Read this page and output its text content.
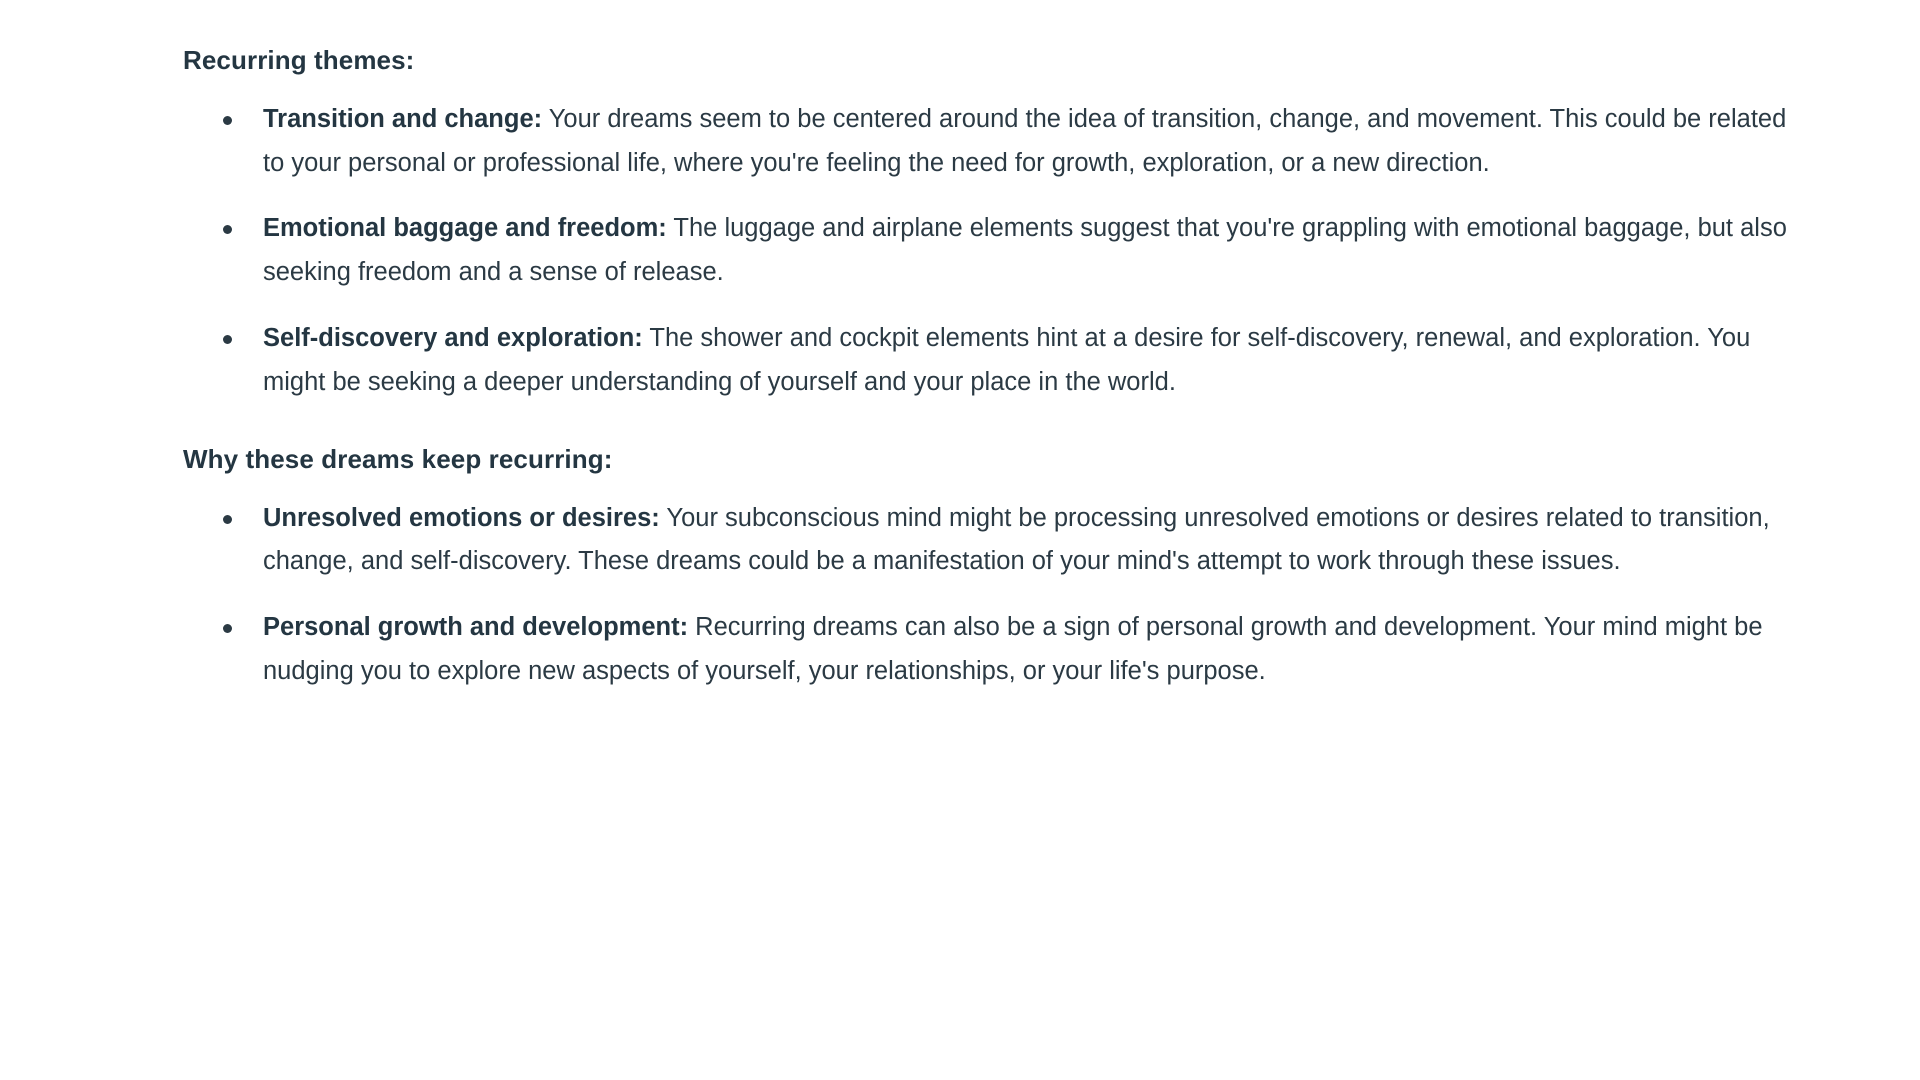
Recurring themes:
Transition and change: Your dreams seem to be centered around the idea of transition, change, and movement. This could be related to your personal or professional life, where you're feeling the need for growth, exploration, or a new direction.
Emotional baggage and freedom: The luggage and airplane elements suggest that you're grappling with emotional baggage, but also seeking freedom and a sense of release.
Self-discovery and exploration: The shower and cockpit elements hint at a desire for self-discovery, renewal, and exploration. You might be seeking a deeper understanding of yourself and your place in the world.
Why these dreams keep recurring:
Unresolved emotions or desires: Your subconscious mind might be processing unresolved emotions or desires related to transition, change, and self-discovery. These dreams could be a manifestation of your mind's attempt to work through these issues.
Personal growth and development: Recurring dreams can also be a sign of personal growth and development. Your mind might be nudging you to explore new aspects of yourself, your relationships, or your life's purpose.
